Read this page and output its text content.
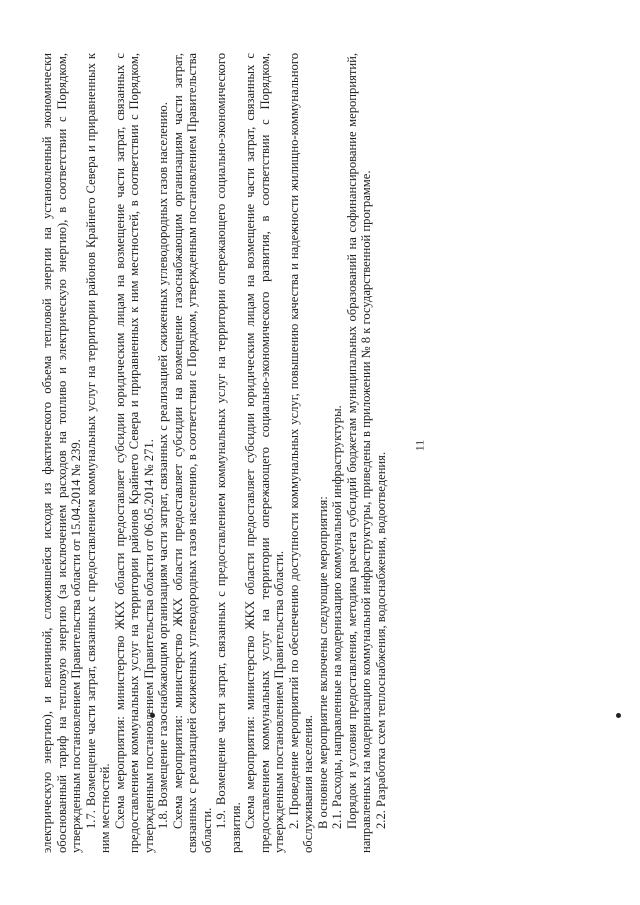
11

электрическую энергию), и величиной, сложившейся исходя из фактического объема тепловой энергии на установленный экономически обоснованный тариф на тепловую энергию (за исключением расходов на топливо и электрическую энергию), в соответствии с Порядком, утвержденным постановлением Правительства области от 15.04.2014 № 239. 1.7. Возмещение части затрат, связанных с предоставлением коммунальных услуг на территории районов Крайнего Севера и приравненных к ним местностей. Схема мероприятия: министерство ЖКХ области предоставляет субсидии юридическим лицам на возмещение части затрат, связанных с предоставлением коммунальных услуг на территории районов Крайнего Севера и приравненных к ним местностей, в соответствии с Порядком, утвержденным постановлением Правительства области от 06.05.2014 № 271. 1.8. Возмещение газоснабжающим организациям части затрат, связанных с реализацией сжиженных углеводородных газов населению. Схема мероприятия: министерство ЖКХ области предоставляет субсидии на возмещение газоснабжающим организациям части затрат, связанных с реализацией сжиженных углеводородных газов населению, в соответствии с Порядком, утвержденным постановлением Правительства области.

1.9. Возмещение части затрат, связанных с предоставлением коммунальных услуг на территории опережающего социально-экономического развития. Схема мероприятия: министерство ЖКХ области предоставляет субсидии юридическим лицам на возмещение части затрат, связанных с предоставлением коммунальных услуг на территории опережающего социально-экономического развития, в соответствии с Порядком, утвержденным постановлением Правительства области. 2. Проведение мероприятий по обеспечению доступности коммунальных услуг, повышению качества и надежности жилищно-коммунального обслуживания населения. В основное мероприятие включены следующие мероприятия: 2.1. Расходы, направленные на модернизацию коммунальной инфраструктуры. Порядок и условия предоставления, методика расчета субсидий бюджетам муниципальных образований на софинансирование мероприятий, направленных на модернизацию коммунальной инфраструктуры, приведены в приложении № 8 к государственной программе. 2.2. Разработка схем теплоснабжения, водоснабжения, водоотведения.
